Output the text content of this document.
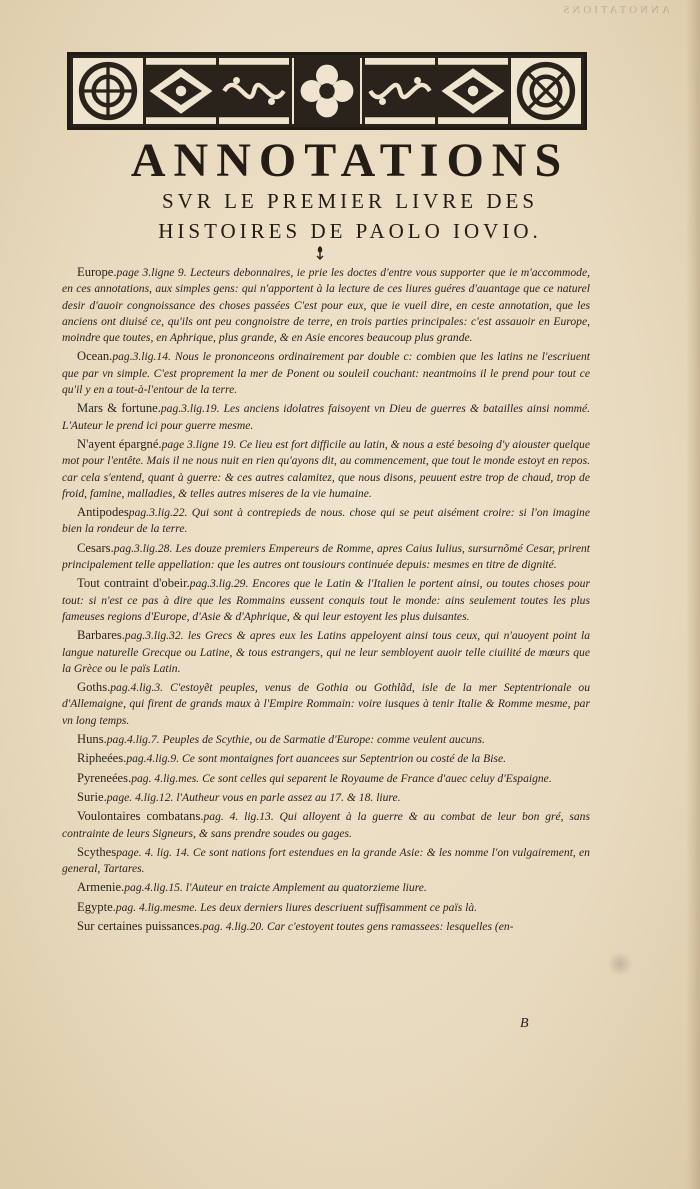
ANNOTATIONS
ANNOTATIONS
SVR LE PREMIER LIVRE DES
HISTOIRES DE PAOLO IOVIO.

Europe.page 3.ligne 9. Lecteurs debonnaires, ie prie les doctes d'entre vous supporter que ie m'accommode, en ces annotations, aux simples gens: qui n'apportent à la lecture de ces liures guéres d'auantage que ce naturel desir d'auoir congnoissance des choses passées C'est pour eux, que ie vueil dire, en ceste annotation, que les anciens ont diuisé ce, qu'ils ont peu congnoistre de terre, en trois parties principales: c'est assauoir en Europe, moindre que toutes, en Aphrique, plus grande, & en Asie encores beaucoup plus grande.

Ocean.pag.3.lig.14. Nous le prononceons ordinairement par double c: combien que les latins ne l'escriuent que par vn simple. C'est proprement la mer de Ponent ou souleil couchant: neantmoins il le prend pour tout ce qu'il y en a tout-à-l'entour de la terre.

Mars & fortune.pag.3.lig.19. Les anciens idolatres faisoyent vn Dieu de guerres & batailles ainsi nommé. L'Auteur le prend ici pour guerre mesme.

N'ayent épargné.page 3.ligne 19. Ce lieu est fort difficile au latin, & nous a esté besoing d'y aiouster quelque mot pour l'entête. Mais il ne nous nuit en rien qu'ayons dit, au commencement, que tout le monde estoyt en repos. car cela s'entend, quant à guerre: & ces autres calamitez, que nous disons, peuuent estre trop de chaud, trop de froid, famine, malladies, & telles autres miseres de la vie humaine.

Antipodespag.3.lig.22. Qui sont à contrepieds de nous. chose qui se peut aisément croire: si l'on imagine bien la rondeur de la terre.

Cesars.pag.3.lig.28. Les douze premiers Empereurs de Romme, apres Caius Iulius, sursurnõmé Cesar, prirent principalement telle appellation: que les autres ont tousiours continuée depuis: mesmes en titre de dignité.

Tout contraint d'obeir.pag.3.lig.29. Encores que le Latin & l'Italien le portent ainsi, ou toutes choses pour tout: si n'est ce pas à dire que les Rommains eussent conquis tout le monde: ains seulement toutes les plus fameuses regions d'Europe, d'Asie & d'Aphrique, & qui leur estoyent les plus duisantes.

Barbares.pag.3.lig.32. les Grecs & apres eux les Latins appeloyent ainsi tous ceux, qui n'auoyent point la langue naturelle Grecque ou Latine, & tous estrangers, qui ne leur sembloyent auoir telle ciuilité de mœurs que la Grèce ou le païs Latin.

Goths.pag.4.lig.3. C'estoyẽt peuples, venus de Gothia ou Gothlãd, isle de la mer Septentrionale ou d'Allemaigne, qui firent de grands maux à l'Empire Rommain: voire iusques à tenir Italie & Romme mesme, par vn long temps.

Huns.pag.4.lig.7. Peuples de Scythie, ou de Sarmatie d'Europe: comme veulent aucuns.

Ripheées.pag.4.lig.9. Ce sont montaignes fort auancees sur Septentrion ou costé de la Bise.

Pyreneées.pag. 4.lig.mes. Ce sont celles qui separent le Royaume de France d'auec celuy d'Espaigne.

Surie.page. 4.lig.12. l'Autheur vous en parle assez au 17. & 18. liure.

Voulontaires combatans.pag. 4. lig.13. Qui alloyent à la guerre & au combat de leur bon gré, sans contrainte de leurs Signeurs, & sans prendre soudes ou gages.

Scythespage. 4. lig. 14. Ce sont nations fort estendues en la grande Asie: & les nomme l'on vulgairement, en general, Tartares.

Armenie.pag.4.lig.15. l'Auteur en traicte Amplement au quatorzieme liure.

Egypte.pag. 4.lig.mesme. Les deux derniers liures descriuent suffisamment ce païs là.

Sur certaines puissances.pag. 4.lig.20. Car c'estoyent toutes gens ramassees: lesquelles (en-

B
